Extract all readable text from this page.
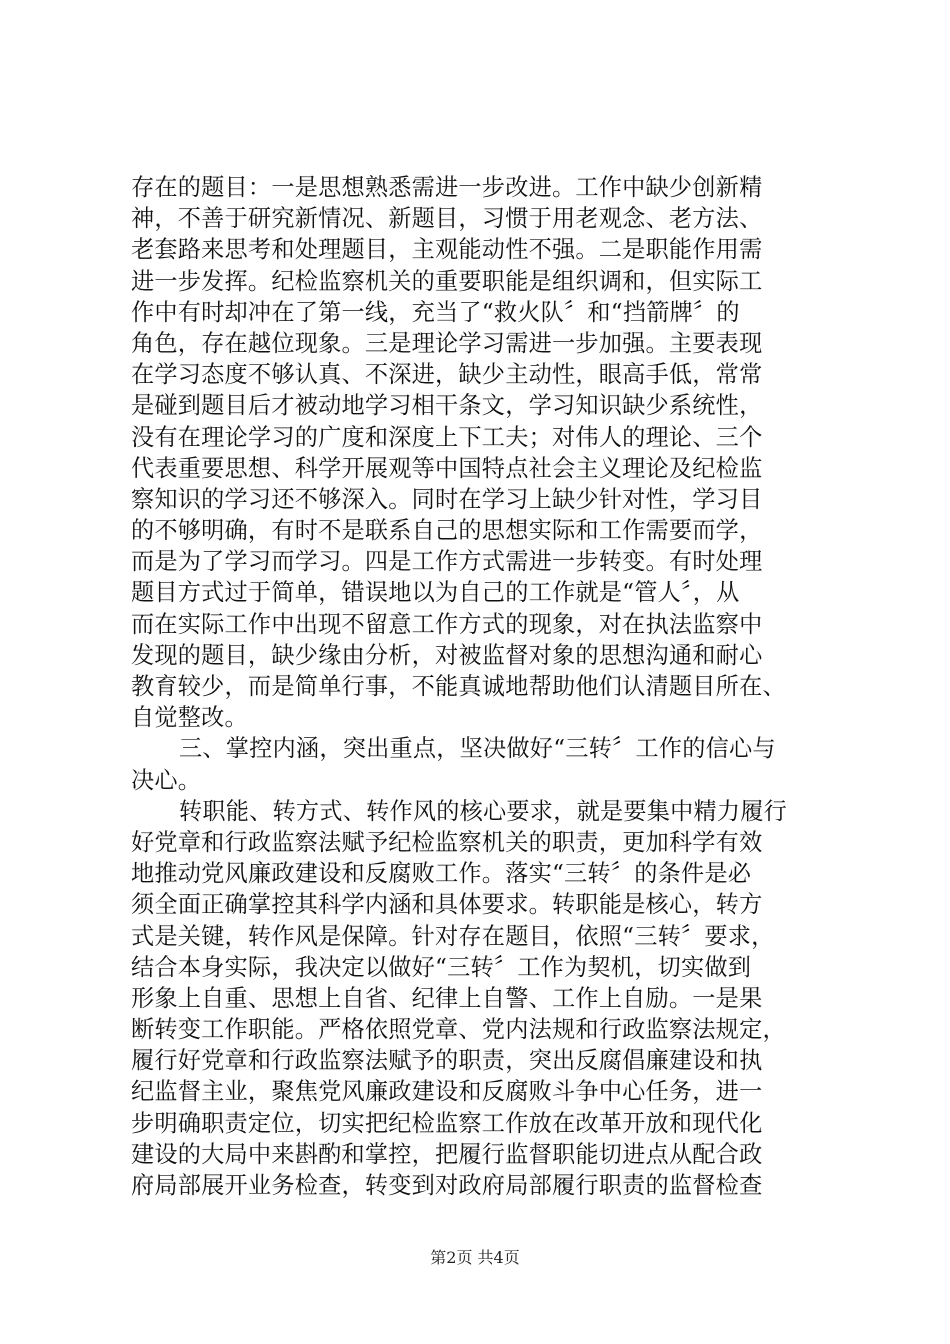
存在的题目：一是思想熟悉需进一步改进。工作中缺少创新精
神，不善于研究新情况、新题目，习惯于用老观念、老方法、
老套路来思考和处理题目，主观能动性不强。二是职能作用需
进一步发挥。纪检监察机关的重要职能是组织调和，但实际工
作中有时却冲在了第一线，充当了“救火队〞和“挡箭牌〞的
角色，存在越位现象。三是理论学习需进一步加强。主要表现
在学习态度不够认真、不深进，缺少主动性，眼高手低，常常
是碰到题目后才被动地学习相干条文，学习知识缺少系统性，
没有在理论学习的广度和深度上下工夫；对伟人的理论、三个
代表重要思想、科学开展观等中国特点社会主义理论及纪检监
察知识的学习还不够深入。同时在学习上缺少针对性，学习目
的不够明确，有时不是联系自己的思想实际和工作需要而学，
而是为了学习而学习。四是工作方式需进一步转变。有时处理
题目方式过于简单，错误地以为自己的工作就是“管人〞，从
而在实际工作中出现不留意工作方式的现象，对在执法监察中
发现的题目，缺少缘由分析，对被监督对象的思想沟通和耐心
教育较少，而是简单行事，不能真诚地帮助他们认清题目所在、
自觉整改。
三、掌控内涵，突出重点，坚决做好“三转〞工作的信心与
决心。
转职能、转方式、转作风的核心要求，就是要集中精力履行
好党章和行政监察法赋予纪检监察机关的职责，更加科学有效
地推动党风廉政建设和反腐败工作。落实“三转〞的条件是必
须全面正确掌控其科学内涵和具体要求。转职能是核心，转方
式是关键，转作风是保障。针对存在题目，依照“三转〞要求，
结合本身实际，我决定以做好“三转〞工作为契机，切实做到
形象上自重、思想上自省、纪律上自警、工作上自励。一是果
断转变工作职能。严格依照党章、党内法规和行政监察法规定，
履行好党章和行政监察法赋予的职责，突出反腐倡廉建设和执
纪监督主业，聚焦党风廉政建设和反腐败斗争中心任务，进一
步明确职责定位，切实把纪检监察工作放在改革开放和现代化
建设的大局中来斟酌和掌控，把履行监督职能切进点从配合政
府局部展开业务检查，转变到对政府局部履行职责的监督检查
第2页 共4页
